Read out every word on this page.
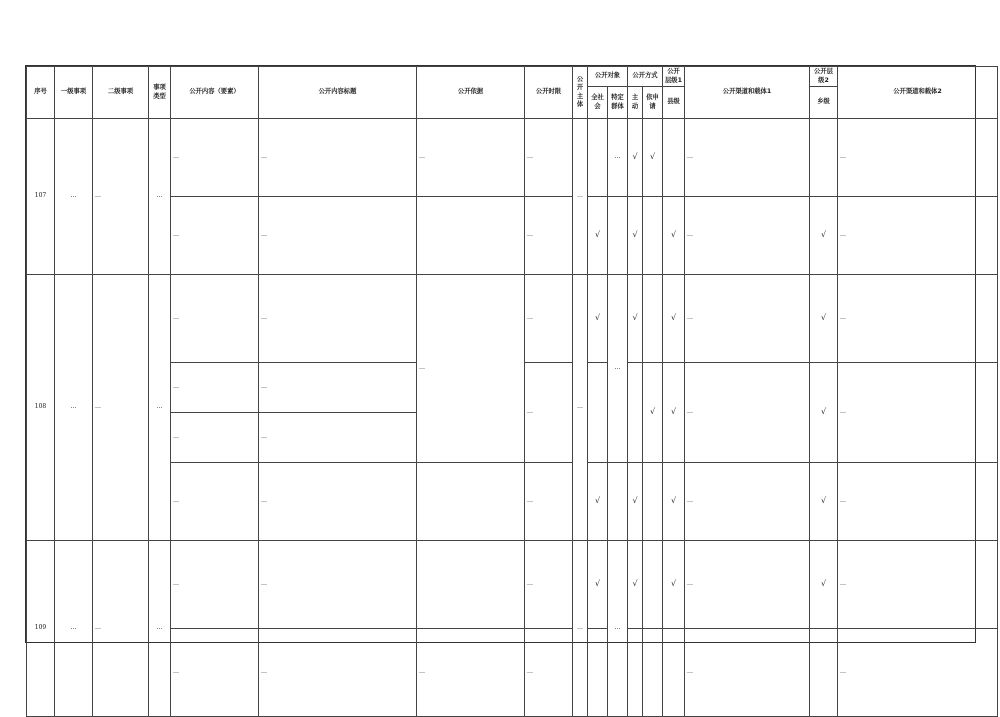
序号	一级事项	二级事项	事项类型	公开内容（要素）	公开内容标题	公开依据	公开时限	公开主体	公开对象		公开方式		公开层级1	公开渠道和载体1	公开层级2	公开渠道和载体2
									全社会	特定群体	主动	依申请	县级		乡级	

107	…	…	…	…	…	…	…	…		…	√	√		…		…
				…	…		…		√		√		√	…	√	…
108	…	…	…	…	…	…	…	…	√	…	√		√	…	√	…
				…	…		…					√	√	…	√	…
				…	…											
				…	…		…		√		√		√	…	√	…
109	…	…	…	…	…		…	…	√	…	√		√	…	√	…
				…	…	…	…							…		…
